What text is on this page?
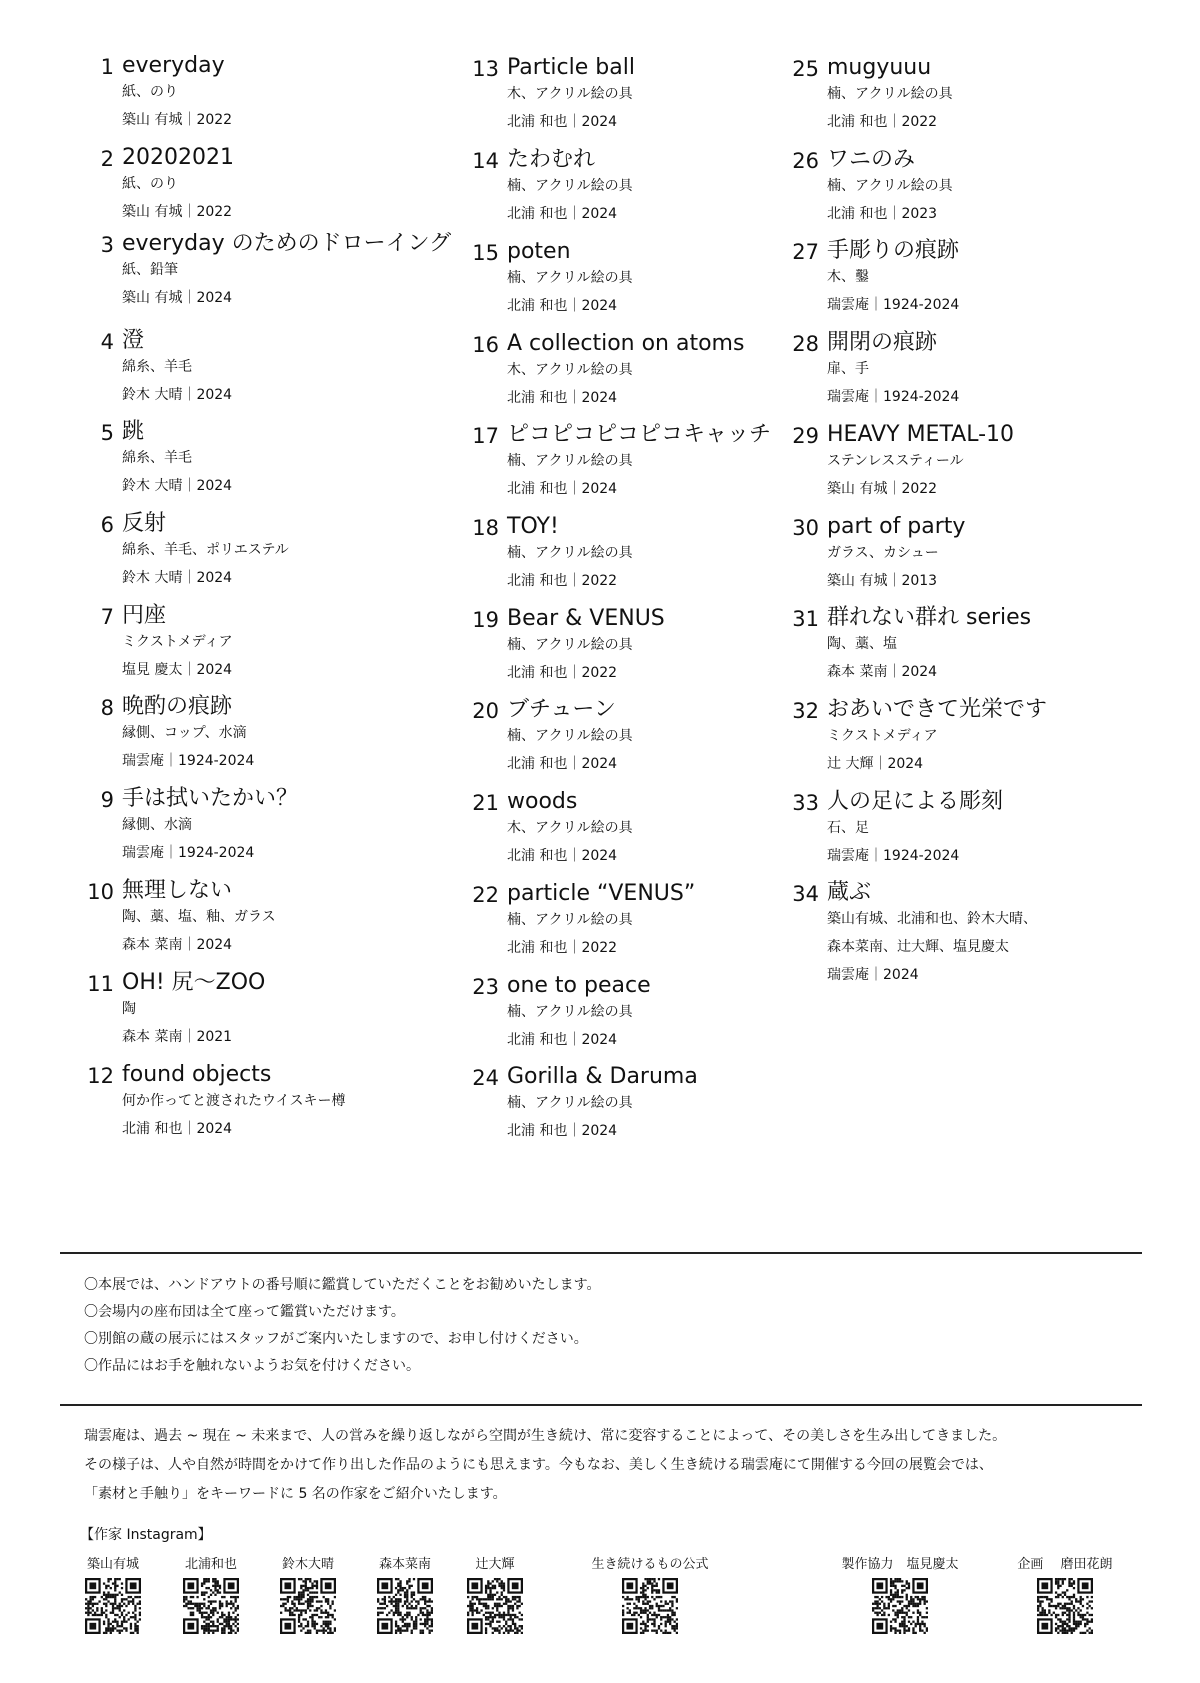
1 everyday
紙、のり
築山 有城｜2022
2 20202021
紙、のり
築山 有城｜2022
3 everyday のためのドローイング
紙、鉛筆
築山 有城｜2024
4 澄
綿糸、羊毛
鈴木 大晴｜2024
5 跳
綿糸、羊毛
鈴木 大晴｜2024
6 反射
綿糸、羊毛、ポリエステル
鈴木 大晴｜2024
7 円座
ミクストメディア
塩見 慶太｜2024
8 晩酌の痕跡
縁側、コップ、水滴
瑞雲庵｜1924-2024
9 手は拭いたかい？
縁側、水滴
瑞雲庵｜1924-2024
10 無理しない
陶、藁、塩、釉、ガラス
森本 菜南｜2024
11 OH! 尻〜ZOO
陶
森本 菜南｜2021
12 found objects
何か作ってと渡されたウイスキー樽
北浦 和也｜2024
13 Particle ball
木、アクリル絵の具
北浦 和也｜2024
14 たわむれ
楠、アクリル絵の具
北浦 和也｜2024
15 poten
楠、アクリル絵の具
北浦 和也｜2024
16 A collection on atoms
木、アクリル絵の具
北浦 和也｜2024
17 ピコピコピコピコキャッチ
楠、アクリル絵の具
北浦 和也｜2024
18 TOY!
楠、アクリル絵の具
北浦 和也｜2022
19 Bear & VENUS
楠、アクリル絵の具
北浦 和也｜2022
20 ブチューン
楠、アクリル絵の具
北浦 和也｜2024
21 woods
木、アクリル絵の具
北浦 和也｜2024
22 particle “VENUS”
楠、アクリル絵の具
北浦 和也｜2022
23 one to peace
楠、アクリル絵の具
北浦 和也｜2024
24 Gorilla & Daruma
楠、アクリル絵の具
北浦 和也｜2024
25 mugyuuu
楠、アクリル絵の具
北浦 和也｜2022
26 ワニのみ
楠、アクリル絵の具
北浦 和也｜2023
27 手彫りの痕跡
木、鑿
瑞雲庵｜1924-2024
28 開閉の痕跡
扉、手
瑞雲庵｜1924-2024
29 HEAVY METAL-10
ステンレススティール
築山 有城｜2022
30 part of party
ガラス、カシュー
築山 有城｜2013
31 群れない群れ series
陶、藁、塩
森本 菜南｜2024
32 おあいできて光栄です
ミクストメディア
辻 大輝｜2024
33 人の足による彫刻
石、足
瑞雲庵｜1924-2024
34 蔵ぶ
築山有城、北浦和也、鈴木大晴、
森本菜南、辻大輝、塩見慶太
瑞雲庵｜2024
〇本展では、ハンドアウトの番号順に鑑賞していただくことをお勧めいたします。
〇会場内の座布団は全て座って鑑賞いただけます。
〇別館の蔵の展示にはスタッフがご案内いたしますので、お申し付けください。
〇作品にはお手を触れないようお気を付けください。
瑞雲庵は、過去 ~ 現在 ~ 未来まで、人の営みを繰り返しながら空間が生き続け、常に変容することによって、その美しさを生み出してきました。
その様子は、人や自然が時間をかけて作り出した作品のようにも思えます。今もなお、美しく生き続ける瑞雲庵にて開催する今回の展覧会では、
「素材と手触り」をキーワードに 5 名の作家をご紹介いたします。
【作家 Instagram】
築山有城	北浦和也	鈴木大晴	森本菜南	辻大輝	生き続けるもの公式	製作協力　塩見慶太	企画　 磨田花朗
